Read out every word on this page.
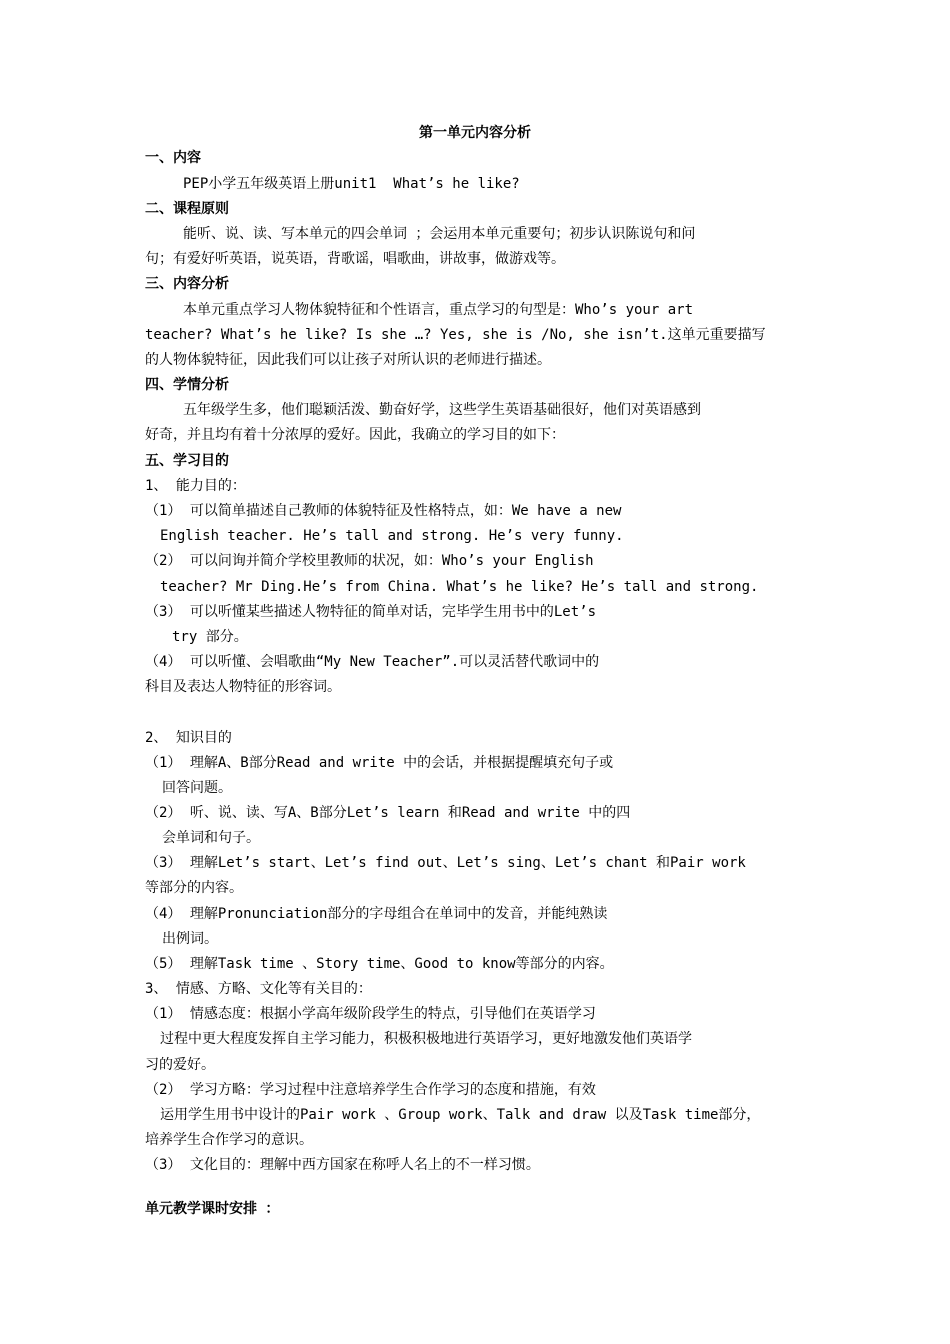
第一单元内容分析
一、内容
PEP小学五年级英语上册unit1  What’s he like?
二、课程原则
能听、说、读、写本单元的四会单词 ；会运用本单元重要句；初步认识陈说句和问
句；有爱好听英语，说英语，背歌谣，唱歌曲，讲故事，做游戏等。
三、内容分析
本单元重点学习人物体貌特征和个性语言，重点学习的句型是：Who’s your art
teacher? What’s he like? Is she …? Yes, she is /No, she isn’t.这单元重要描写
的人物体貌特征，因此我们可以让孩子对所认识的老师进行描述。
四、学情分析
五年级学生多，他们聪颖活泼、勤奋好学，这些学生英语基础很好，他们对英语感到
好奇，并且均有着十分浓厚的爱好。因此，我确立的学习目的如下：
五、学习目的
1、 能力目的：
（1） 可以简单描述自己教师的体貌特征及性格特点，如：We have a new
English teacher. He’s tall and strong. He’s very funny.
（2） 可以问询并简介学校里教师的状况，如：Who’s your English
teacher? Mr Ding.He’s from China. What’s he like? He’s tall and strong.
（3） 可以听懂某些描述人物特征的简单对话，完毕学生用书中的Let’s
try 部分。
（4） 可以听懂、会唱歌曲“My New Teacher”.可以灵活替代歌词中的
科目及表达人物特征的形容词。
2、 知识目的
（1） 理解A、B部分Read and write 中的会话，并根据提醒填充句子或
回答问题。
（2） 听、说、读、写A、B部分Let’s learn 和Read and write 中的四
会单词和句子。
（3） 理解Let’s start、Let’s find out、Let’s sing、Let’s chant 和Pair work
等部分的内容。
（4） 理解Pronunciation部分的字母组合在单词中的发音，并能纯熟读
出例词。
（5） 理解Task time 、Story time、Good to know等部分的内容。
3、 情感、方略、文化等有关目的：
（1） 情感态度：根据小学高年级阶段学生的特点，引导他们在英语学习
过程中更大程度发挥自主学习能力，积极积极地进行英语学习，更好地激发他们英语学
习的爱好。
（2） 学习方略：学习过程中注意培养学生合作学习的态度和措施，有效
运用学生用书中设计的Pair work 、Group work、Talk and draw 以及Task time部分，
培养学生合作学习的意识。
（3） 文化目的：理解中西方国家在称呼人名上的不一样习惯。
单元教学课时安排 ：
